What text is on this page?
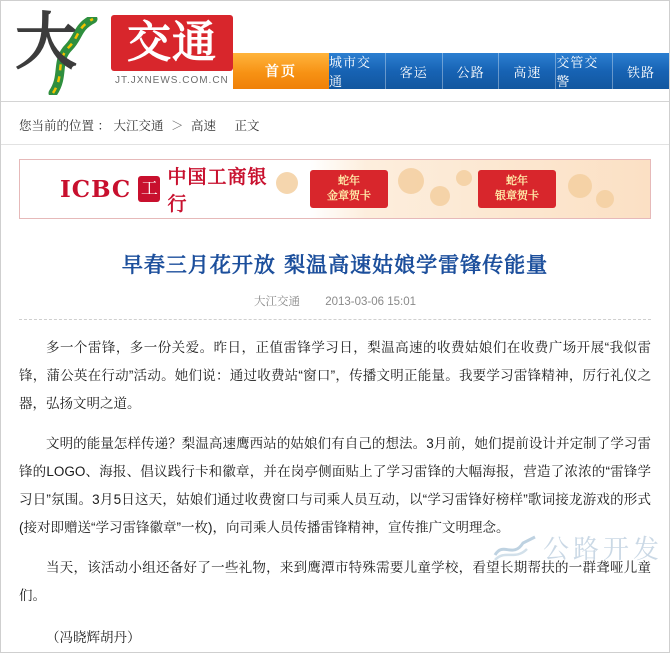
大	交通
JT.JXNEWS.COM.CN
首页
城市交通
客运	公路	高速
交管交警
铁路
您当前的位置 ： 大江交通 ＞ 高速 正文
ICBC 工
中国工商银行
蛇年
金章贺卡
蛇年
银章贺卡
早春三月花开放 梨温高速姑娘学雷锋传能量
大江交通 2013-03-06 15:01

多一个雷锋，多一份关爱。昨日，正值雷锋学习日，梨温高速的收费姑娘们在收费广场开展“我似雷锋，蒲公英在行动”活动。她们说：通过收费站“窗口”，传播文明正能量。我要学习雷锋精神，厉行礼仪之器，弘扬文明之道。

文明的能量怎样传递？梨温高速鹰西站的姑娘们有自己的想法。3月前，她们提前设计并定制了学习雷锋的LOGO、海报、倡议践行卡和徽章，并在岗亭侧面贴上了学习雷锋的大幅海报，营造了浓浓的“雷锋学习日”氛围。3月5日这天，姑娘们通过收费窗口与司乘人员互动，以“学习雷锋好榜样”歌词接龙游戏的形式(接对即赠送“学习雷锋徽章”一枚)，向司乘人员传播雷锋精神，宣传推广文明理念。

当天，该活动小组还备好了一些礼物，来到鹰潭市特殊需要儿童学校，看望长期帮扶的一群聋哑儿童们。

（冯晓辉胡丹）

公路开发
